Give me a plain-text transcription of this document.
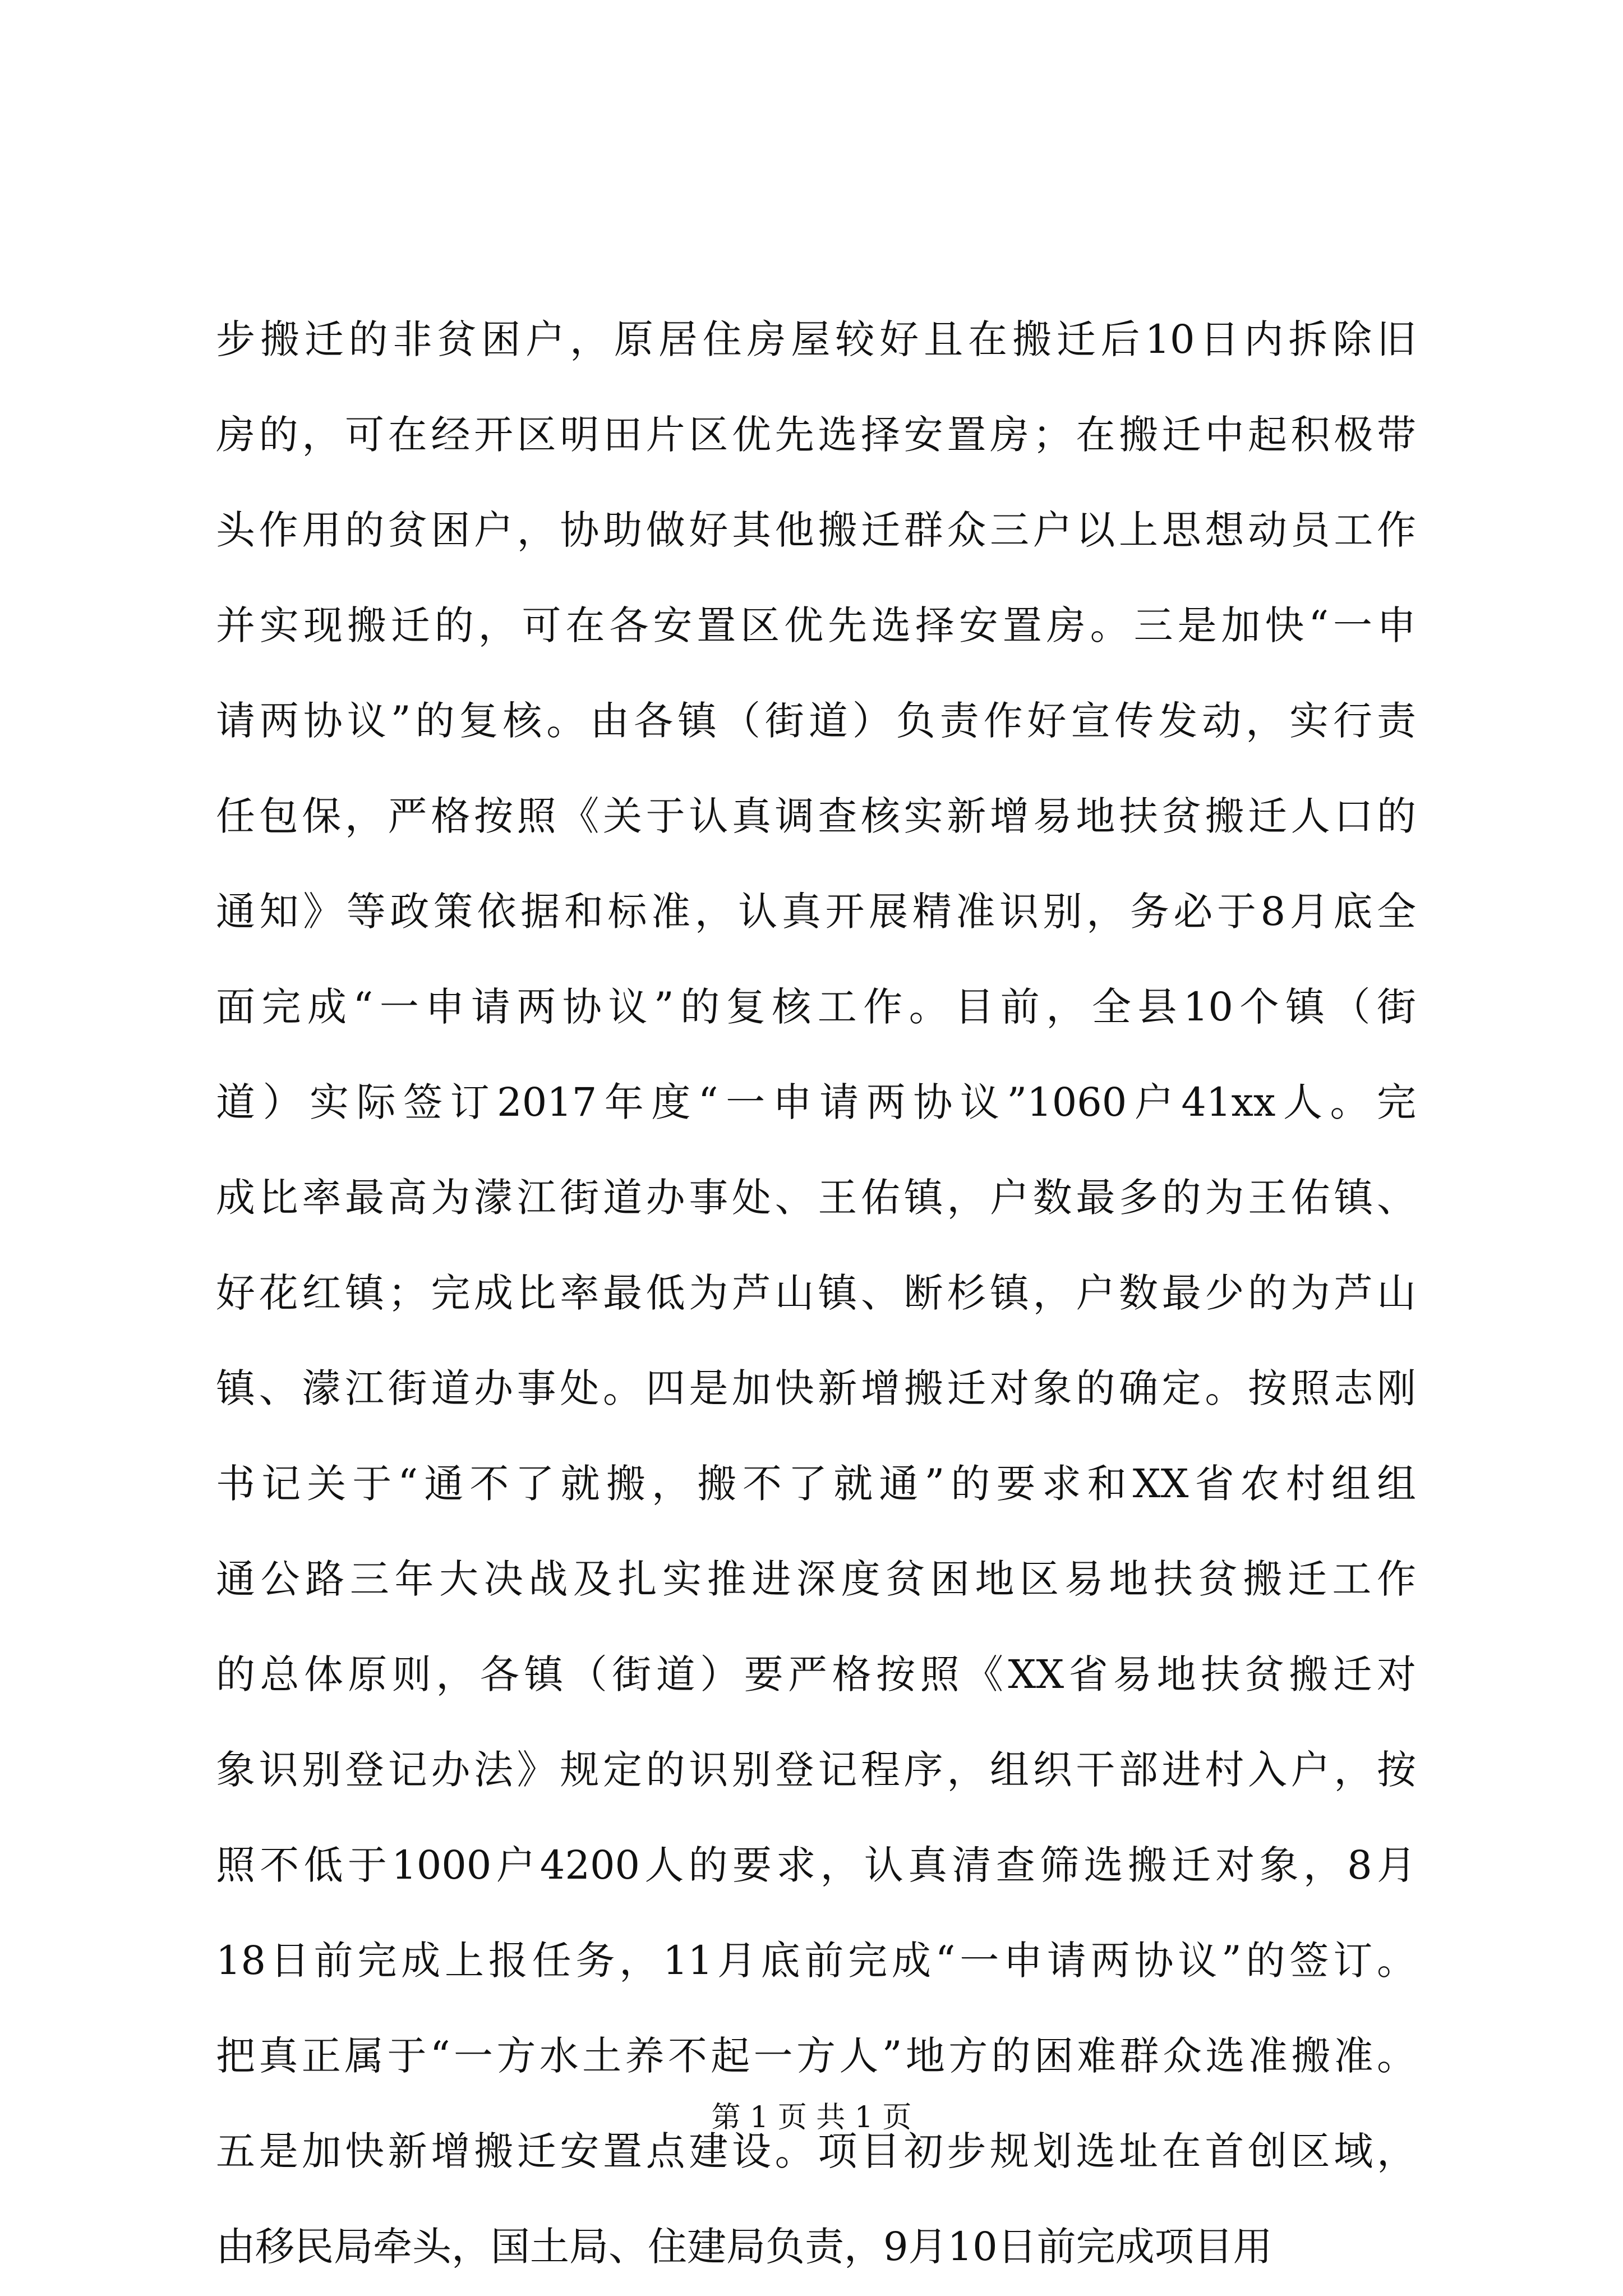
步搬迁的非贫困户，原居住房屋较好且在搬迁后10日内拆除旧
房的，可在经开区明田片区优先选择安置房；在搬迁中起积极带
头作用的贫困户，协助做好其他搬迁群众三户以上思想动员工作
并实现搬迁的，可在各安置区优先选择安置房。三是加快“一申
请两协议”的复核。由各镇（街道）负责作好宣传发动，实行责
任包保，严格按照《关于认真调查核实新增易地扶贫搬迁人口的
通知》等政策依据和标准，认真开展精准识别，务必于8月底全
面完成“一申请两协议”的复核工作。目前，全县10个镇（街
道）实际签订2017年度“一申请两协议”1060户41xx人。完
成比率最高为濛江街道办事处、王佑镇，户数最多的为王佑镇、
好花红镇；完成比率最低为芦山镇、断杉镇，户数最少的为芦山
镇、濛江街道办事处。四是加快新增搬迁对象的确定。按照志刚
书记关于“通不了就搬，搬不了就通”的要求和XX省农村组组
通公路三年大决战及扎实推进深度贫困地区易地扶贫搬迁工作
的总体原则，各镇（街道）要严格按照《XX省易地扶贫搬迁对
象识别登记办法》规定的识别登记程序，组织干部进村入户，按
照不低于1000户4200人的要求，认真清查筛选搬迁对象，8月
18日前完成上报任务，11月底前完成“一申请两协议”的签订。
把真正属于“一方水土养不起一方人”地方的困难群众选准搬准。
五是加快新增搬迁安置点建设。项目初步规划选址在首创区域，
由移民局牵头，国土局、住建局负责，9月10日前完成项目用
第 1 页 共 1 页
